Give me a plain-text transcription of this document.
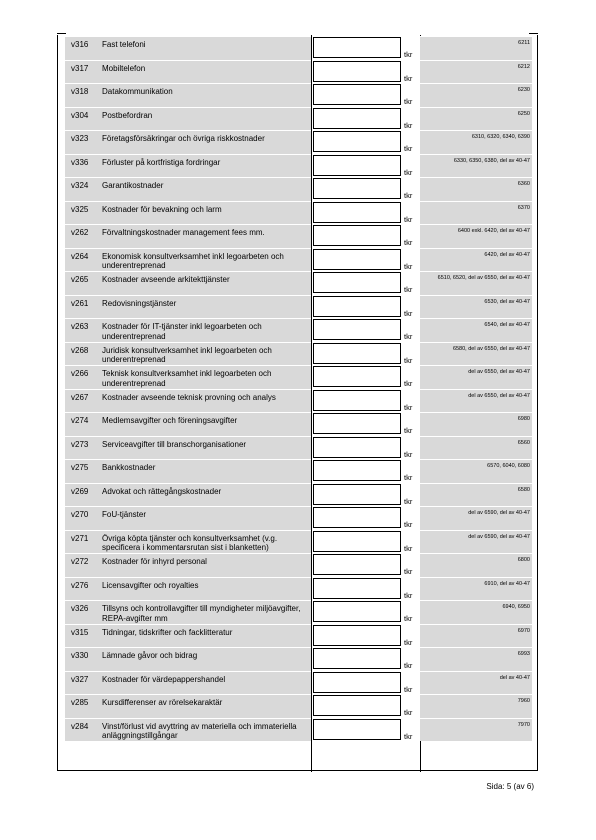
v316 Fast telefoni
tkr
6211
v317 Mobiltelefon
tkr
6212
v318 Datakommunikation
tkr
6230
v304 Postbefordran
tkr
6250
v323 Företagsförsäkringar och övriga riskkostnader
tkr
6310, 6320, 6340, 6390
v336 Förluster på kortfristiga fordringar
tkr
6330, 6350, 6380, del av 40-47
v324 Garantikostnader
tkr
6360
v325 Kostnader för bevakning och larm
tkr
6370
v262 Förvaltningskostnader management fees mm.
tkr
6400 exkl. 6420, del av 40-47
v264 Ekonomisk konsultverksamhet inkl legoarbeten och underentreprenad	tkr
6420, del av 40-47
v265 Kostnader avseende arkitekttjänster
tkr
6510, 6520, del av 6550, del av 40-47
v261 Redovisningstjänster
tkr
6530, del av 40-47
v263 Kostnader för IT-tjänster inkl legoarbeten och underentreprenad	tkr
6540, del av 40-47
v268 Juridisk konsultverksamhet inkl legoarbeten och underentreprenad	tkr
6580, del av 6550, del av 40-47
v266 Teknisk konsultverksamhet inkl legoarbeten och underentreprenad	tkr
del av 6550, del av 40-47
v267 Kostnader avseende teknisk provning och analys
tkr
del av 6550, del av 40-47
v274 Medlemsavgifter och föreningsavgifter
tkr
6980
v273 Serviceavgifter till branschorganisationer
tkr
6560
v275 Bankkostnader
tkr
6570, 6040, 6080
v269 Advokat och rättegångskostnader
tkr
6580
v270 FoU-tjänster
tkr
del av 6590, del av 40-47
v271 Övriga köpta tjänster och konsultverksamhet (v.g. specificera i kommentarsrutan sist i blanketten)	tkr
del av 6590, del av 40-47
v272 Kostnader för inhyrd personal
tkr
6800
v276 Licensavgifter och royalties
tkr
6910, del av 40-47
v326 Tillsyns och kontrollavgifter till myndigheter miljöavgifter, REPA-avgifter mm	tkr
6940, 6950
v315 Tidningar, tidskrifter och facklitteratur
tkr
6970
v330 Lämnade gåvor och bidrag
tkr
6993
v327 Kostnader för värdepappershandel
tkr
del av 40-47
v285 Kursdifferenser av rörelsekaraktär
tkr
7960
v284 Vinst/förlust vid avyttring av materiella och immateriella anläggningstillgångar	tkr
7970
Sida: 5 (av 6)
